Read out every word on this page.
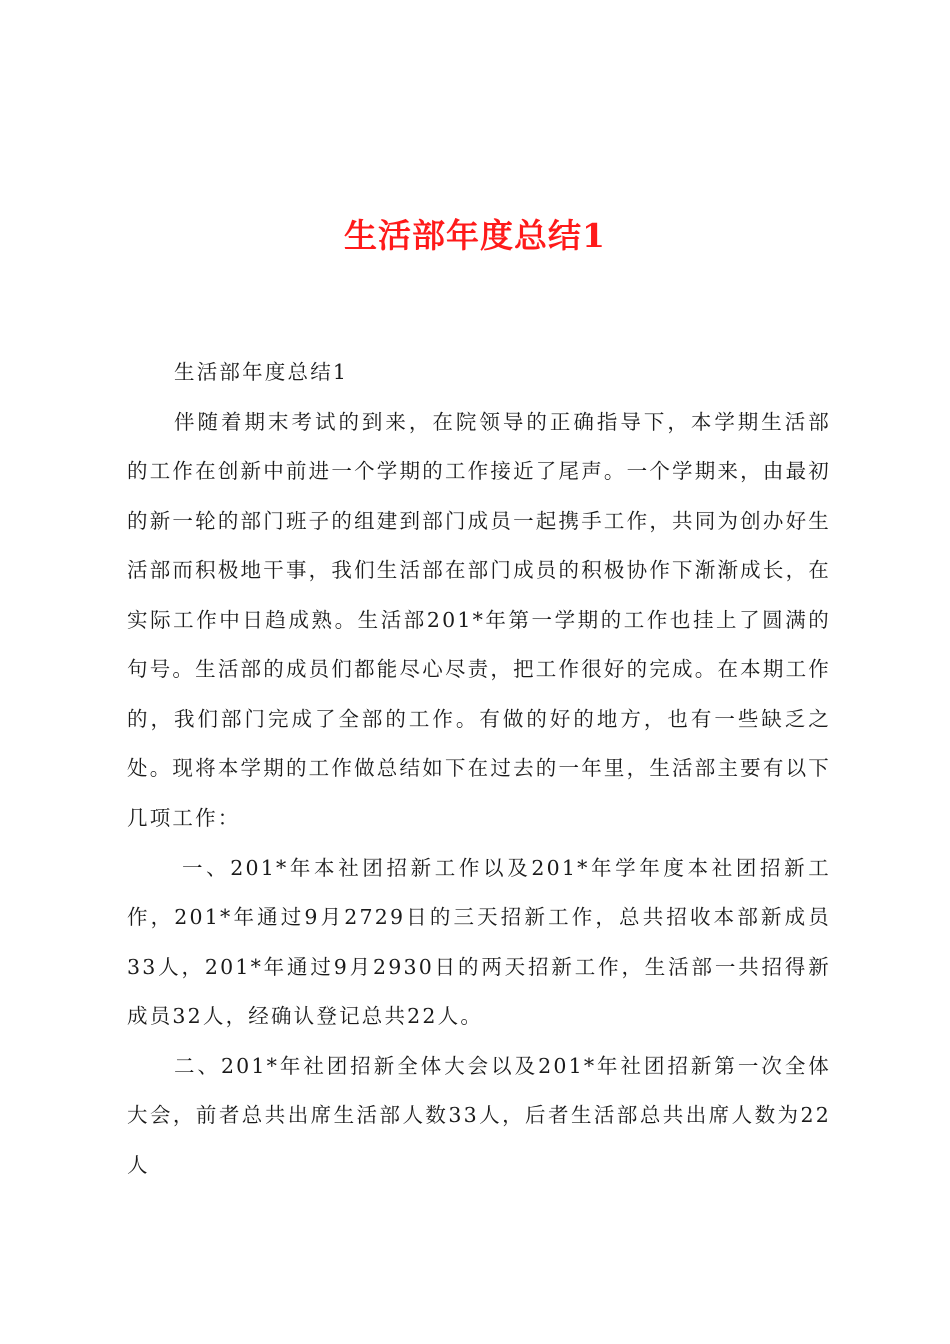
生活部年度总结1

生活部年度总结1

伴随着期末考试的到来，在院领导的正确指导下，本学期生活部的工作在创新中前进一个学期的工作接近了尾声。一个学期来，由最初的新一轮的部门班子的组建到部门成员一起携手工作，共同为创办好生活部而积极地干事，我们生活部在部门成员的积极协作下渐渐成长，在实际工作中日趋成熟。生活部201*年第一学期的工作也挂上了圆满的句号。生活部的成员们都能尽心尽责，把工作很好的完成。在本期工作的，我们部门完成了全部的工作。有做的好的地方，也有一些缺乏之处。现将本学期的工作做总结如下在过去的一年里，生活部主要有以下几项工作：

一、201*年本社团招新工作以及201*年学年度本社团招新工作，201*年通过9月2729日的三天招新工作，总共招收本部新成员33人，201*年通过9月2930日的两天招新工作，生活部一共招得新成员32人，经确认登记总共22人。

二、201*年社团招新全体大会以及201*年社团招新第一次全体大会，前者总共出席生活部人数33人，后者生活部总共出席人数为22人
